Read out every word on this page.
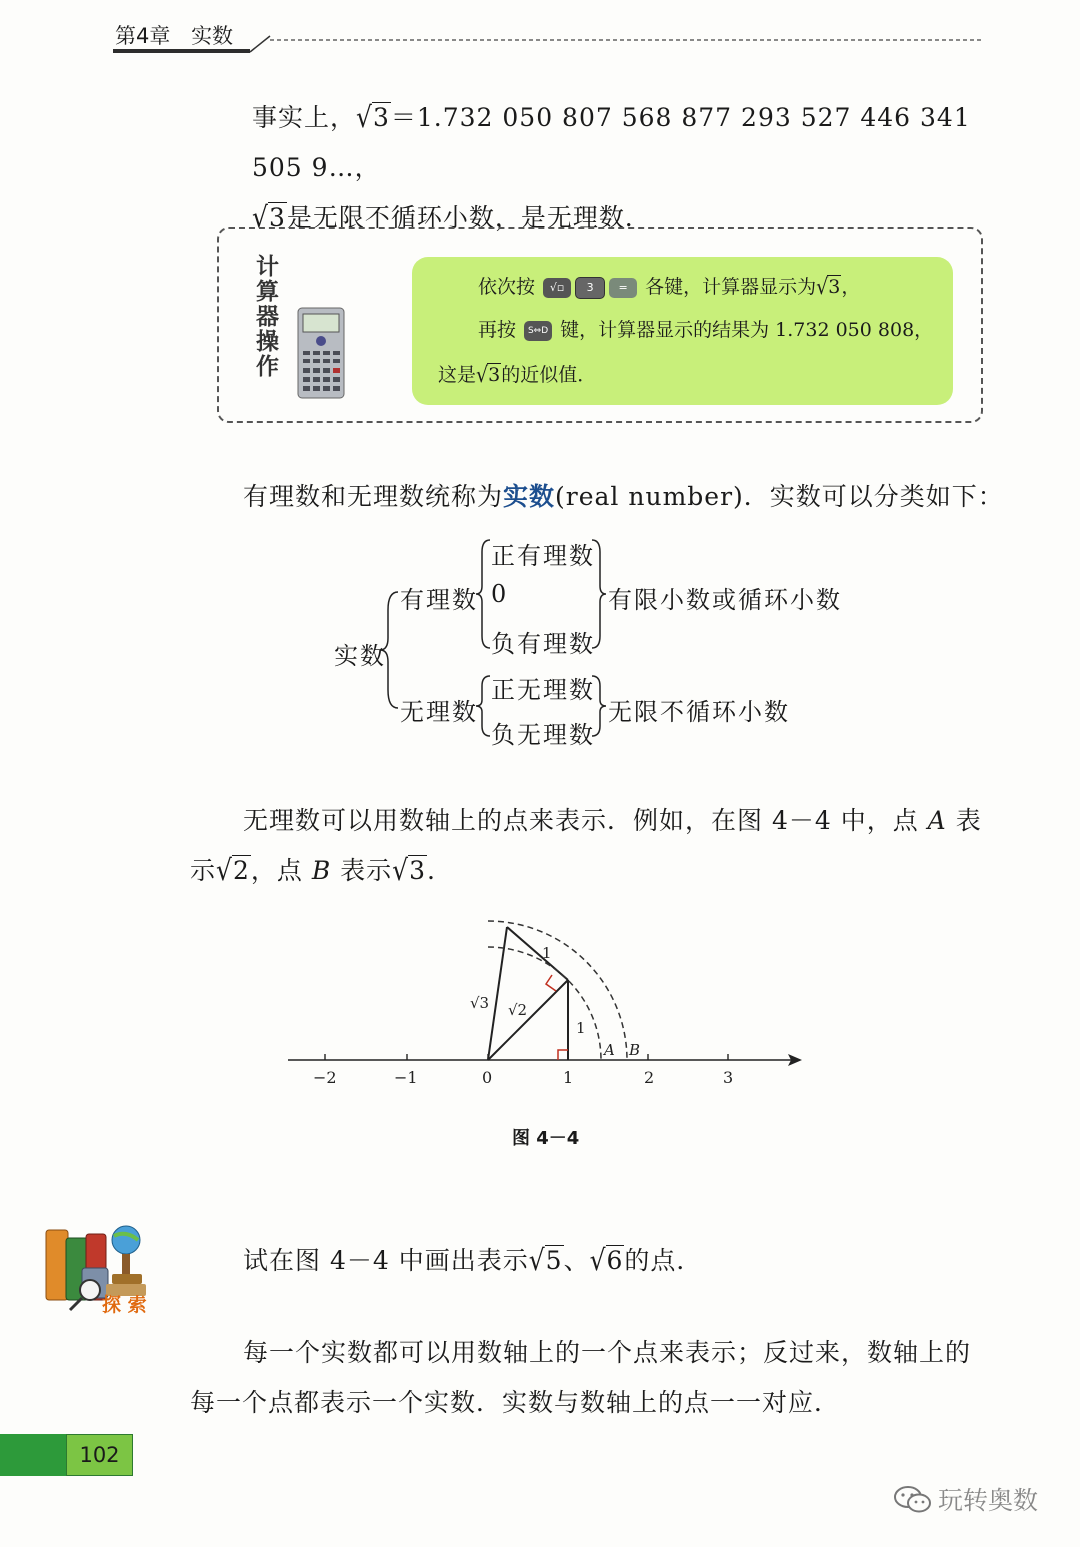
第4章 实数
事实上，√3＝1.732 050 807 568 877 293 527 446 341 505 9…，
√3是无限不循环小数，是无理数．
计算器操作
依次按 √▫ 3 = 各键，计算器显示为√3，
再按 S⇔D 键，计算器显示的结果为 1.732 050 808，
这是√3的近似值．
有理数和无理数统称为实数(real number)．实数可以分类如下：
实数
有理数
无理数
正有理数
0
负有理数
正无理数
负无理数
有限小数或循环小数
无限不循环小数
无理数可以用数轴上的点来表示．例如，在图 4－4 中，点 A 表
示√2，点 B 表示√3.
−2	−1	0	1	2	3
√3 √2
1
1
A B
图 4－4
探 索
试在图 4－4 中画出表示√5、√6的点．
每一个实数都可以用数轴上的一个点来表示；反过来，数轴上的
每一个点都表示一个实数．实数与数轴上的点一一对应．
102
玩转奥数
